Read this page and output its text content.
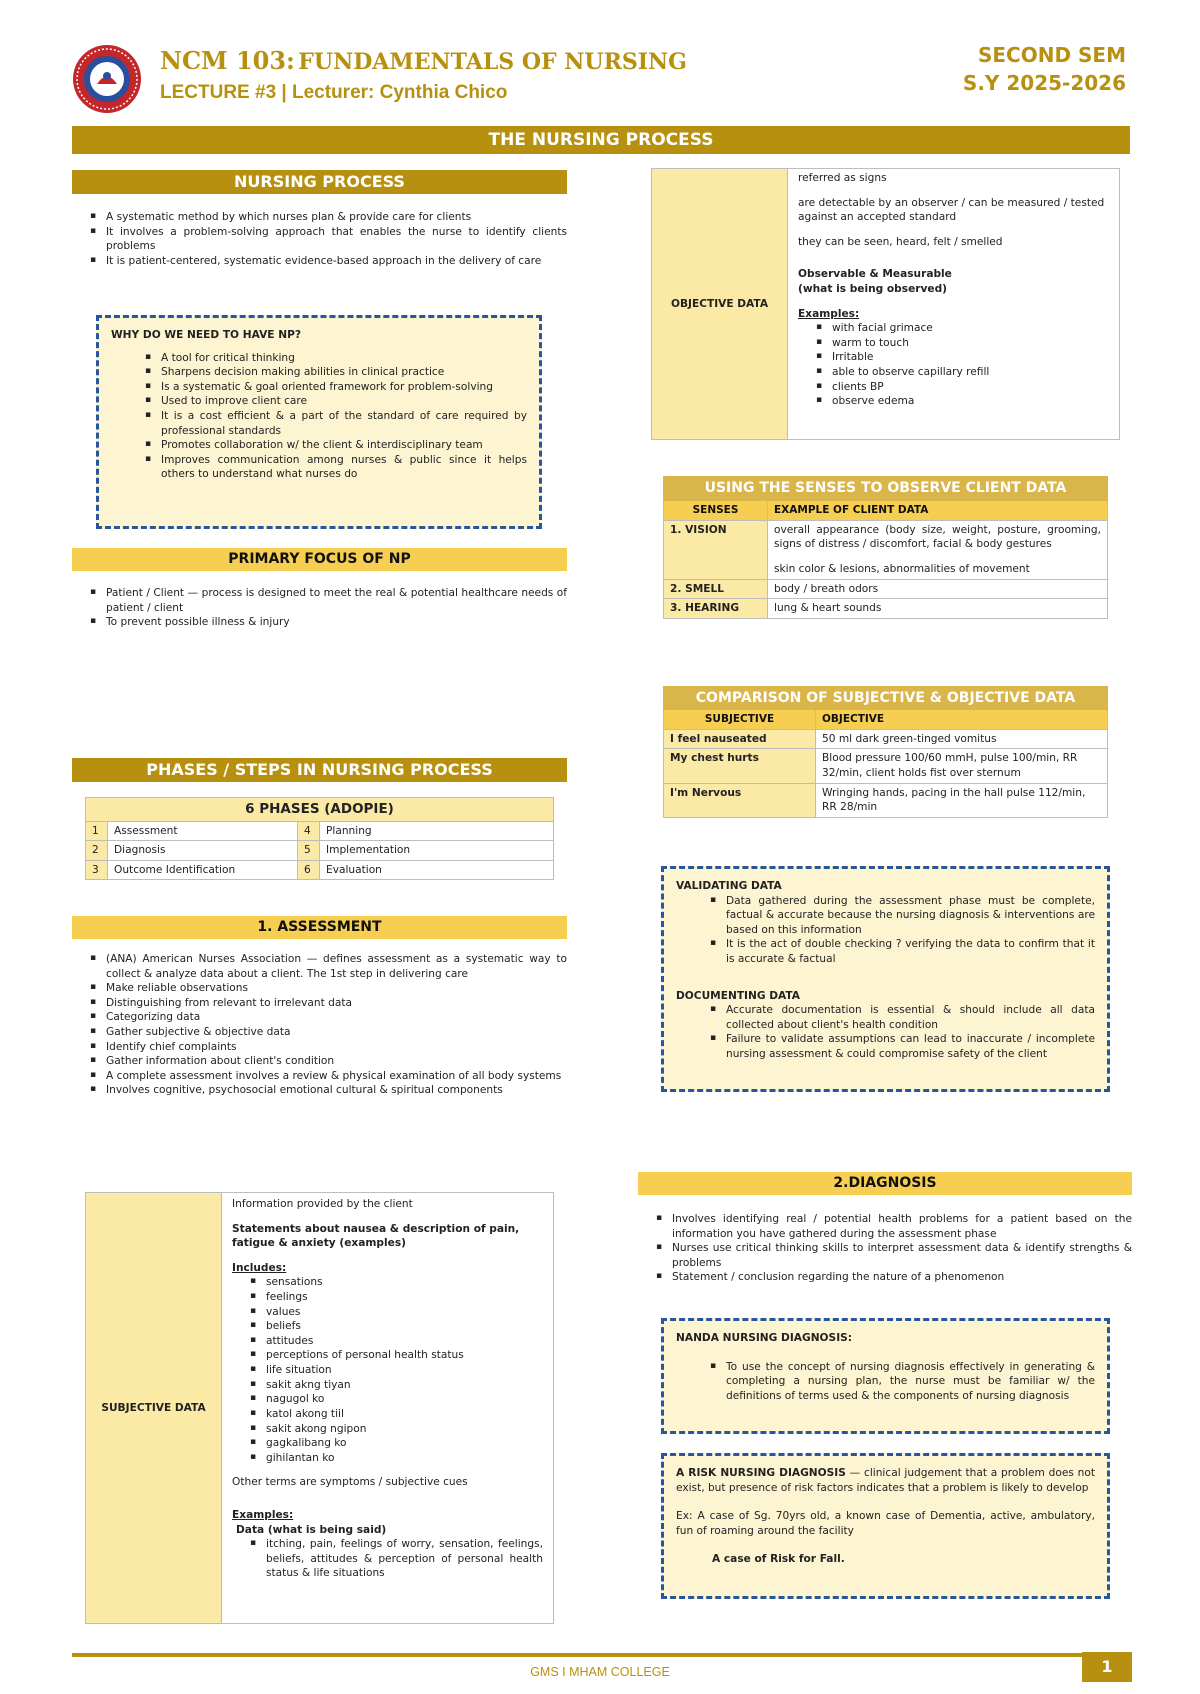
NCM 103: FUNDAMENTALS OF NURSING
LECTURE #3 | Lecturer: Cynthia Chico
SECOND SEM
S.Y 2025-2026
THE NURSING PROCESS
NURSING PROCESS
▪ A systematic method by which nurses plan & provide care for clients
▪ It involves a problem-solving approach that enables the nurse to identify clients problems
▪ It is patient-centered, systematic evidence-based approach in the delivery of care
WHY DO WE NEED TO HAVE NP?
▪ A tool for critical thinking
▪ Sharpens decision making abilities in clinical practice
▪ Is a systematic & goal oriented framework for problem-solving
▪ Used to improve client care
▪ It is a cost efficient & a part of the standard of care required by professional standards
▪ Promotes collaboration w/ the client & interdisciplinary team
▪ Improves communication among nurses & public since it helps others to understand what nurses do
PRIMARY FOCUS OF NP
▪ Patient / Client — process is designed to meet the real & potential healthcare needs of patient / client
▪ To prevent possible illness & injury
PHASES / STEPS IN NURSING PROCESS
6 PHASES (ADOPIE)			
1	Assessment	4	Planning
2	Diagnosis	5	Implementation
3	Outcome Identification	6	Evaluation
1. ASSESSMENT
▪ (ANA) American Nurses Association — defines assessment as a systematic way to collect & analyze data about a client. The 1st step in delivering care
▪ Make reliable observations
▪ Distinguishing from relevant to irrelevant data
▪ Categorizing data
▪ Gather subjective & objective data
▪ Identify chief complaints
▪ Gather information about client's condition
▪ A complete assessment involves a review & physical examination of all body systems
▪ Involves cognitive, psychosocial emotional cultural & spiritual components
SUBJECTIVE DATA	
Information provided by the client
Statements about nausea & description of pain, fatigue & anxiety (examples)
Includes:
▪ sensations
▪ feelings
▪ values
▪ beliefs
▪ attitudes
▪ perceptions of personal health status
▪ life situation
▪ sakit akng tiyan
▪ nagugol ko
▪ katol akong tiil
▪ sakit akong ngipon
▪ gagkalibang ko
▪ gihilantan ko
Other terms are symptoms / subjective cues
Examples:
Data (what is being said)
▪ itching, pain, feelings of worry, sensation, feelings, beliefs, attitudes & perception of personal health status & life situations
OBJECTIVE DATA	
referred as signs
are detectable by an observer / can be measured / tested against an accepted standard
they can be seen, heard, felt / smelled
Observable & Measurable
(what is being observed)
Examples:
▪ with facial grimace
▪ warm to touch
▪ Irritable
▪ able to observe capillary refill
▪ clients BP
▪ observe edema
USING THE SENSES TO OBSERVE CLIENT DATA	
SENSES	EXAMPLE OF CLIENT DATA
1. VISION	overall appearance (body size, weight, posture, grooming, signs of distress / discomfort, facial & body gestures
skin color & lesions, abnormalities of movement

2. SMELL	body / breath odors
3. HEARING	lung & heart sounds
COMPARISON OF SUBJECTIVE & OBJECTIVE DATA	
SUBJECTIVE	OBJECTIVE
I feel nauseated	50 ml dark green-tinged vomitus
My chest hurts	Blood pressure 100/60 mmH, pulse 100/min, RR 32/min, client holds fist over sternum
I'm Nervous	Wringing hands, pacing in the hall pulse 112/min, RR 28/min
VALIDATING DATA
▪ Data gathered during the assessment phase must be complete, factual & accurate because the nursing diagnosis & interventions are based on this information
▪ It is the act of double checking ? verifying the data to confirm that it is accurate & factual
DOCUMENTING DATA
▪ Accurate documentation is essential & should include all data collected about client's health condition
▪ Failure to validate assumptions can lead to inaccurate / incomplete nursing assessment & could compromise safety of the client
2.DIAGNOSIS
▪ Involves identifying real / potential health problems for a patient based on the information you have gathered during the assessment phase
▪ Nurses use critical thinking skills to interpret assessment data & identify strengths & problems
▪ Statement / conclusion regarding the nature of a phenomenon
NANDA NURSING DIAGNOSIS:
▪ To use the concept of nursing diagnosis effectively in generating & completing a nursing plan, the nurse must be familiar w/ the definitions of terms used & the components of nursing diagnosis
A RISK NURSING DIAGNOSIS — clinical judgement that a problem does not exist, but presence of risk factors indicates that a problem is likely to develop
Ex: A case of Sg. 70yrs old, a known case of Dementia, active, ambulatory, fun of roaming around the facility
A case of Risk for Fall.
GMS I MHAM COLLEGE	1
